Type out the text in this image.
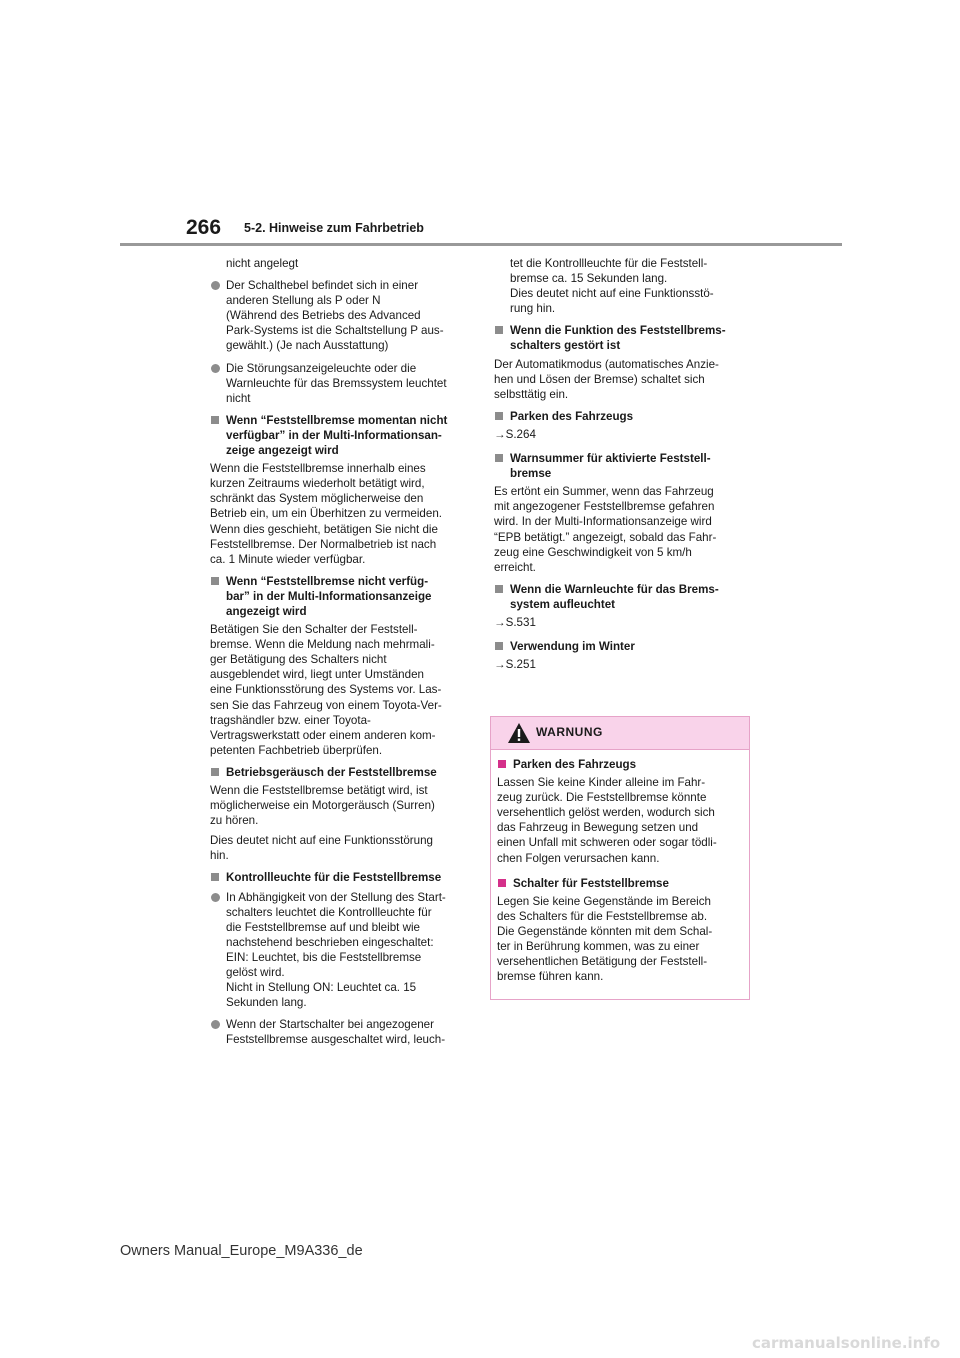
266 5-2. Hinweise zum Fahrbetrieb

nicht angelegt

Der Schalthebel befindet sich in einer
anderen Stellung als P oder N
(Während des Betriebs des Advanced
Park-Systems ist die Schaltstellung P aus-
gewählt.) (Je nach Ausstattung)
Die Störungsanzeigeleuchte oder die
Warnleuchte für das Bremssystem leuchtet
nicht
Wenn “Feststellbremse momentan nicht
verfügbar” in der Multi-Informationsan-
zeige angezeigt wird

Wenn die Feststellbremse innerhalb eines
kurzen Zeitraums wiederholt betätigt wird,
schränkt das System möglicherweise den
Betrieb ein, um ein Überhitzen zu vermeiden.
Wenn dies geschieht, betätigen Sie nicht die
Feststellbremse. Der Normalbetrieb ist nach
ca. 1 Minute wieder verfügbar.

Wenn “Feststellbremse nicht verfüg-
bar” in der Multi-Informationsanzeige
angezeigt wird

Betätigen Sie den Schalter der Feststell-
bremse. Wenn die Meldung nach mehrmali-
ger Betätigung des Schalters nicht
ausgeblendet wird, liegt unter Umständen
eine Funktionsstörung des Systems vor. Las-
sen Sie das Fahrzeug von einem Toyota-Ver-
tragshändler bzw. einer Toyota-
Vertragswerkstatt oder einem anderen kom-
petenten Fachbetrieb überprüfen.

Betriebsgeräusch der Feststellbremse

Wenn die Feststellbremse betätigt wird, ist
möglicherweise ein Motorgeräusch (Surren)
zu hören.

Dies deutet nicht auf eine Funktionsstörung
hin.

Kontrollleuchte für die Feststellbremse
In Abhängigkeit von der Stellung des Start-
schalters leuchtet die Kontrollleuchte für
die Feststellbremse auf und bleibt wie
nachstehend beschrieben eingeschaltet:
EIN: Leuchtet, bis die Feststellbremse
gelöst wird.
Nicht in Stellung ON: Leuchtet ca. 15
Sekunden lang.
Wenn der Startschalter bei angezogener
Feststellbremse ausgeschaltet wird, leuch-

tet die Kontrollleuchte für die Feststell-
bremse ca. 15 Sekunden lang.
Dies deutet nicht auf eine Funktionsstö-
rung hin.

Wenn die Funktion des Feststellbrems-
schalters gestört ist

Der Automatikmodus (automatisches Anzie-
hen und Lösen der Bremse) schaltet sich
selbsttätig ein.

Parken des Fahrzeugs

→S.264

Warnsummer für aktivierte Feststell-
bremse

Es ertönt ein Summer, wenn das Fahrzeug
mit angezogener Feststellbremse gefahren
wird. In der Multi-Informationsanzeige wird
“EPB betätigt.” angezeigt, sobald das Fahr-
zeug eine Geschwindigkeit von 5 km/h
erreicht.

Wenn die Warnleuchte für das Brems-
system aufleuchtet

→S.531

Verwendung im Winter

→S.251

WARNUNG
Parken des Fahrzeugs

Lassen Sie keine Kinder alleine im Fahr-
zeug zurück. Die Feststellbremse könnte
versehentlich gelöst werden, wodurch sich
das Fahrzeug in Bewegung setzen und
einen Unfall mit schweren oder sogar tödli-
chen Folgen verursachen kann.

Schalter für Feststellbremse

Legen Sie keine Gegenstände im Bereich
des Schalters für die Feststellbremse ab.
Die Gegenstände könnten mit dem Schal-
ter in Berührung kommen, was zu einer
versehentlichen Betätigung der Feststell-
bremse führen kann.

Owners Manual_Europe_M9A336_de
carmanualsonline.info
